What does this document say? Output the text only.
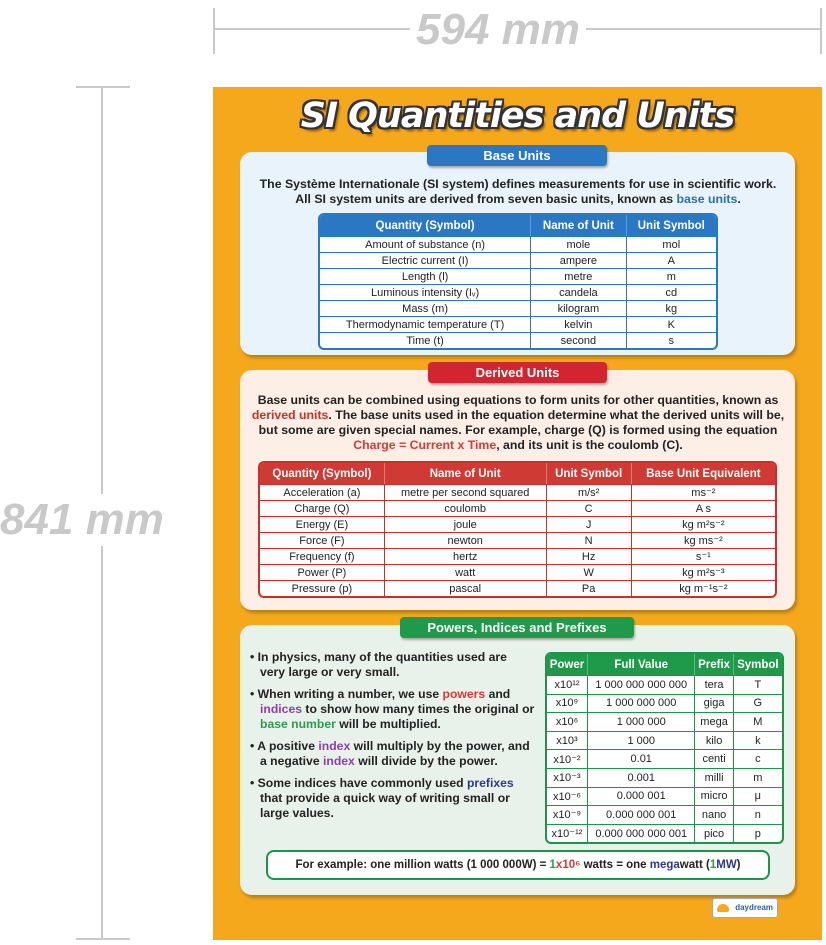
594 mm
841 mm
SI Quantities and Units
Base Units
The Système Internationale (SI system) defines measurements for use in scientific work. All SI system units are derived from seven basic units, known as base units.
Quantity (Symbol)	Name of Unit	Unit Symbol
Amount of substance (n)	mole	mol
Electric current (I)	ampere	A
Length (l)	metre	m
Luminous intensity (Iᵥ)	candela	cd
Mass (m)	kilogram	kg
Thermodynamic temperature (T)	kelvin	K
Time (t)	second	s
Derived Units
Base units can be combined using equations to form units for other quantities, known as derived units. The base units used in the equation determine what the derived units will be, but some are given special names. For example, charge (Q) is formed using the equation Charge = Current x Time, and its unit is the coulomb (C).
Quantity (Symbol)	Name of Unit	Unit Symbol	Base Unit Equivalent
Acceleration (a)	metre per second squared	m/s²	ms⁻²
Charge (Q)	coulomb	C	A s
Energy (E)	joule	J	kg m²s⁻²
Force (F)	newton	N	kg ms⁻²
Frequency (f)	hertz	Hz	s⁻¹
Power (P)	watt	W	kg m²s⁻³
Pressure (p)	pascal	Pa	kg m⁻¹s⁻²
Powers, Indices and Prefixes
• In physics, many of the quantities used are very large or very small.
• When writing a number, we use powers and indices to show how many times the original or base number will be multiplied.
• A positive index will multiply by the power, and a negative index will divide by the power.
• Some indices have commonly used prefixes that provide a quick way of writing small or large values.
Power	Full Value	Prefix	Symbol
x10¹²	1 000 000 000 000	tera	T
x10⁹	1 000 000 000	giga	G
x10⁶	1 000 000	mega	M
x10³	1 000	kilo	k
x10⁻²	0.01	centi	c
x10⁻³	0.001	milli	m
x10⁻⁶	0.000 001	micro	μ
x10⁻⁹	0.000 000 001	nano	n
x10⁻¹²	0.000 000 000 001	pico	p
For example: one million watts (1 000 000W) = 1x10⁶ watts = one megawatt (1MW)
daydream
